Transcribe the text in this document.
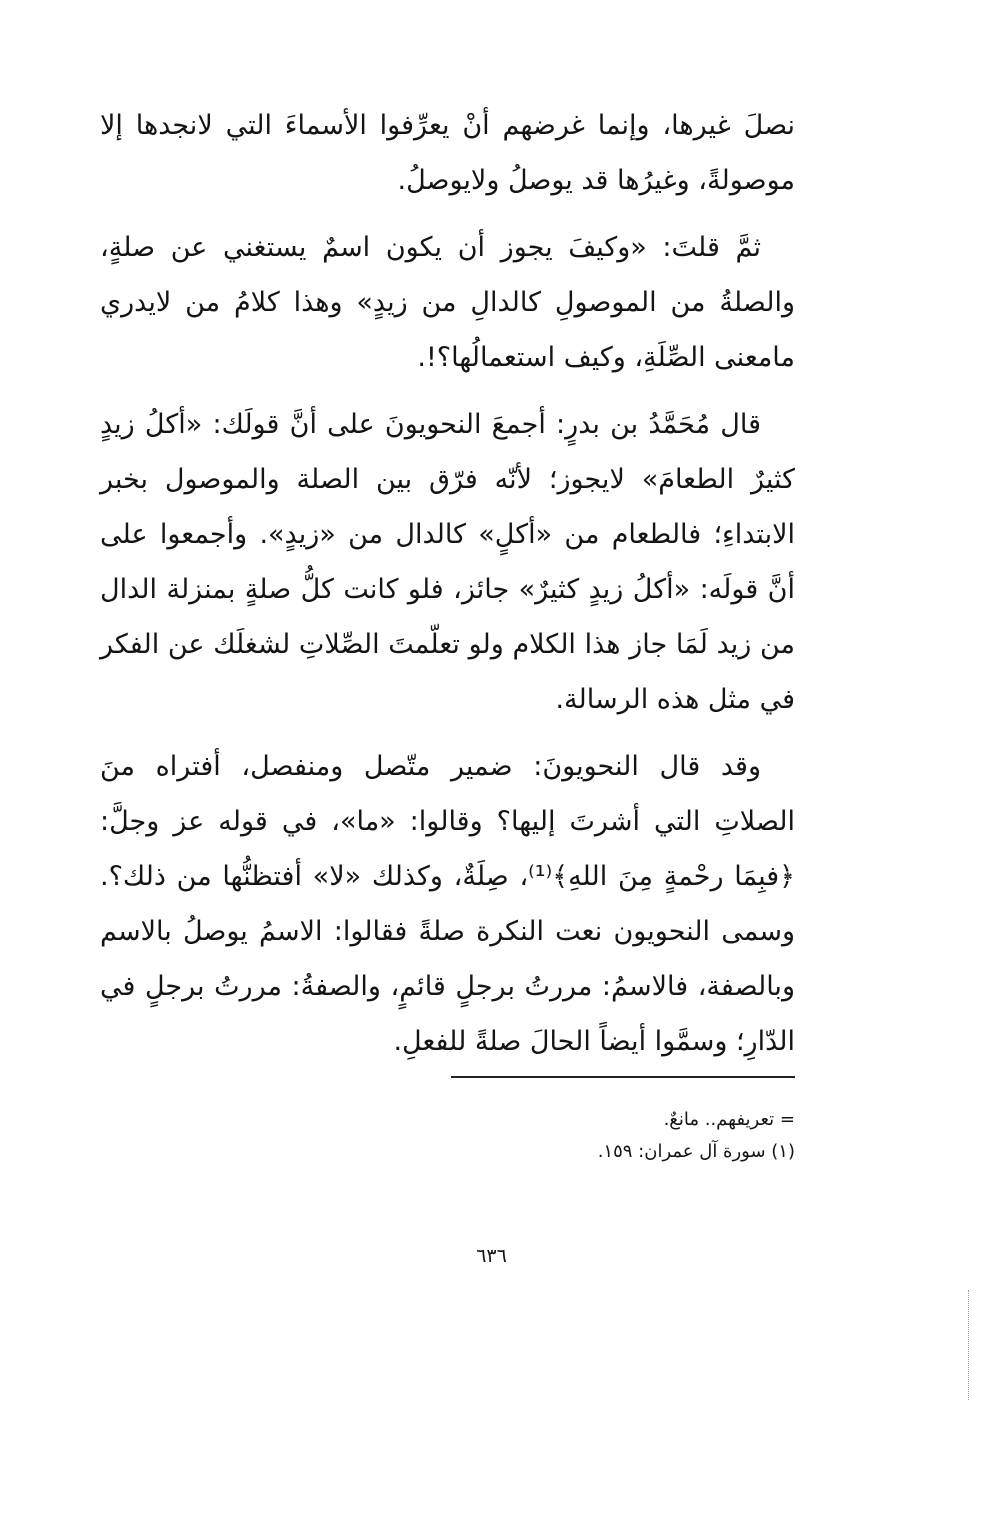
نصلَ غيرها، وإنما غرضهم أنْ يعرِّفوا الأسماءَ التي لانجدها إلا موصولةً، وغيرُها قد يوصلُ ولايوصلُ.

ثمَّ قلتَ: «وكيفَ يجوز أن يكون اسمٌ يستغني عن صلةٍ، والصلةُ من الموصولِ كالدالِ من زيدٍ» وهذا كلامُ من لايدري مامعنى الصِّلَةِ، وكيف استعمالُها؟!.

قال مُحَمَّدُ بن بدرٍ: أجمعَ النحويونَ على أنَّ قولَك: «أكلُ زيدٍ كثيرٌ الطعامَ» لايجوز؛ لأنّه فرّق بين الصلة والموصول بخبر الابتداءِ؛ فالطعام من «أكلٍ» كالدال من «زيدٍ». وأجمعوا على أنَّ قولَه: «أكلُ زيدٍ كثيرٌ» جائز، فلو كانت كلُّ صلةٍ بمنزلة الدال من زيد لَمَا جاز هذا الكلام ولو تعلّمتَ الصِّلاتِ لشغلَك عن الفكر في مثل هذه الرسالة.

وقد قال النحويونَ: ضمير متّصل ومنفصل، أفتراه منَ الصلاتِ التي أشرتَ إليها؟ وقالوا: «ما»، في قوله عز وجلَّ: ﴿فبِمَا رحْمةٍ مِنَ اللهِ﴾⁽¹⁾، صِلَةٌ، وكذلك «لا» أفتظنُّها من ذلك؟. وسمى النحويون نعت النكرة صلةً فقالوا: الاسمُ يوصلُ بالاسم وبالصفة، فالاسمُ: مررتُ برجلٍ قائمٍ، والصفةُ: مررتُ برجلٍ في الدّارِ؛ وسمَّوا أيضاً الحالَ صلةً للفعلِ.

= تعريفهم.. مانعٌ.
(١) سورة آل عمران: ١٥٩.
٦٣٦
